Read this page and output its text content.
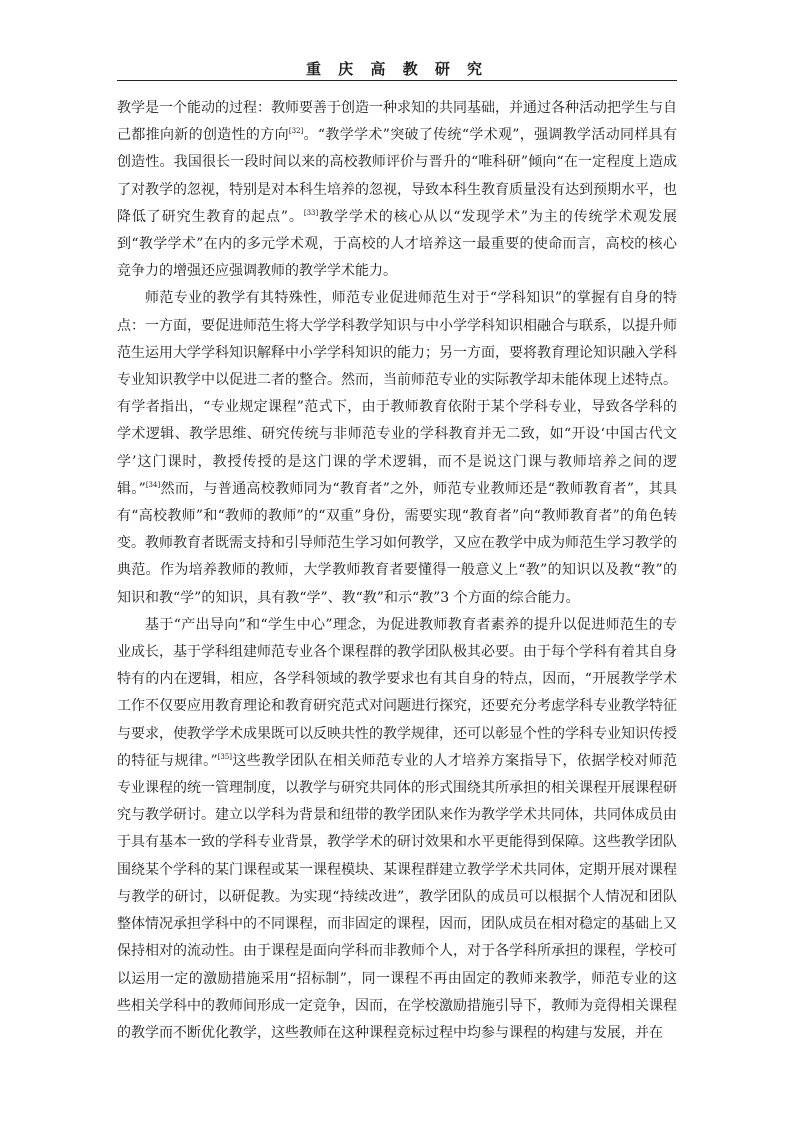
重 庆 高 教 研 究

教学是一个能动的过程：教师要善于创造一种求知的共同基础，并通过各种活动把学生与自己都推向新的创造性的方向[32]。“教学学术”突破了传统“学术观”，强调教学活动同样具有创造性。我国很长一段时间以来的高校教师评价与晋升的“唯科研”倾向“在一定程度上造成了对教学的忽视，特别是对本科生培养的忽视，导致本科生教育质量没有达到预期水平，也降低了研究生教育的起点”。[33]教学学术的核心从以“发现学术”为主的传统学术观发展到“教学学术”在内的多元学术观，于高校的人才培养这一最重要的使命而言，高校的核心竞争力的增强还应强调教师的教学学术能力。

师范专业的教学有其特殊性，师范专业促进师范生对于“学科知识”的掌握有自身的特点：一方面，要促进师范生将大学学科教学知识与中小学学科知识相融合与联系，以提升师范生运用大学学科知识解释中小学学科知识的能力；另一方面，要将教育理论知识融入学科专业知识教学中以促进二者的整合。然而，当前师范专业的实际教学却未能体现上述特点。有学者指出，“专业规定课程”范式下，由于教师教育依附于某个学科专业，导致各学科的学术逻辑、教学思维、研究传统与非师范专业的学科教育并无二致，如“开设‘中国古代文学’这门课时，教授传授的是这门课的学术逻辑，而不是说这门课与教师培养之间的逻辑。”[34]然而，与普通高校教师同为“教育者”之外，师范专业教师还是“教师教育者”，其具有“高校教师”和“教师的教师”的“双重”身份，需要实现“教育者”向“教师教育者”的角色转变。教师教育者既需支持和引导师范生学习如何教学，又应在教学中成为师范生学习教学的典范。作为培养教师的教师，大学教师教育者要懂得一般意义上“教”的知识以及教“教”的知识和教“学”的知识，具有教“学”、教“教”和示“教”3 个方面的综合能力。

基于“产出导向”和“学生中心”理念，为促进教师教育者素养的提升以促进师范生的专业成长，基于学科组建师范专业各个课程群的教学团队极其必要。由于每个学科有着其自身特有的内在逻辑，相应，各学科领域的教学要求也有其自身的特点，因而，“开展教学学术工作不仅要应用教育理论和教育研究范式对问题进行探究，还要充分考虑学科专业教学特征与要求，使教学学术成果既可以反映共性的教学规律，还可以彰显个性的学科专业知识传授的特征与规律。”[35]这些教学团队在相关师范专业的人才培养方案指导下，依据学校对师范专业课程的统一管理制度，以教学与研究共同体的形式围绕其所承担的相关课程开展课程研究与教学研讨。建立以学科为背景和纽带的教学团队来作为教学学术共同体，共同体成员由于具有基本一致的学科专业背景，教学学术的研讨效果和水平更能得到保障。这些教学团队围绕某个学科的某门课程或某一课程模块、某课程群建立教学学术共同体，定期开展对课程与教学的研讨，以研促教。为实现“持续改进”，教学团队的成员可以根据个人情况和团队整体情况承担学科中的不同课程，而非固定的课程，因而，团队成员在相对稳定的基础上又保持相对的流动性。由于课程是面向学科而非教师个人，对于各学科所承担的课程，学校可以运用一定的激励措施采用“招标制”，同一课程不再由固定的教师来教学，师范专业的这些相关学科中的教师间形成一定竞争，因而，在学校激励措施引导下，教师为竞得相关课程的教学而不断优化教学，这些教师在这种课程竞标过程中均参与课程的构建与发展，并在
